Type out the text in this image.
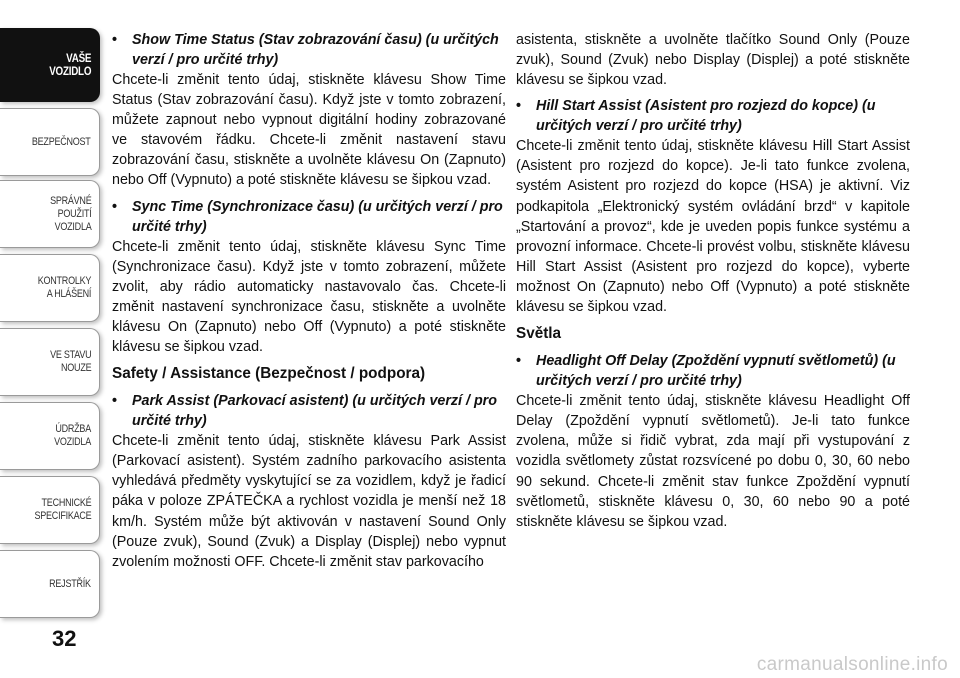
VAŠE
VOZIDLO
BEZPEČNOST
SPRÁVNÉ
POUŽITÍ
VOZIDLA
KONTROLKY
A HLÁŠENÍ
VE STAVU
NOUZE
ÚDRŽBA
VOZIDLA
TECHNICKÉ
SPECIFIKACE
REJSTŘÍK
32

• Show Time Status (Stav zobrazování času) (u určitých verzí / pro určité trhy)

Chcete-li změnit tento údaj, stiskněte klávesu Show Time Status (Stav zobrazování času). Když jste v tomto zobrazení, můžete zapnout nebo vypnout digitální hodiny zobrazované ve stavovém řádku. Chcete-li změnit nastavení stavu zobrazování času, stiskněte a uvolněte klávesu On (Zapnuto) nebo Off (Vypnuto) a poté stiskněte klávesu se šipkou vzad.

• Sync Time (Synchronizace času) (u určitých verzí / pro určité trhy)

Chcete-li změnit tento údaj, stiskněte klávesu Sync Time (Synchronizace času). Když jste v tomto zobrazení, můžete zvolit, aby rádio automaticky nastavovalo čas. Chcete-li změnit nastavení synchronizace času, stiskněte a uvolněte klávesu On (Zapnuto) nebo Off (Vypnuto) a poté stiskněte klávesu se šipkou vzad.

Safety / Assistance (Bezpečnost / podpora)

• Park Assist (Parkovací asistent) (u určitých verzí / pro určité trhy)

Chcete-li změnit tento údaj, stiskněte klávesu Park Assist (Parkovací asistent). Systém zadního parkovacího asistenta vyhledává předměty vyskytující se za vozidlem, když je řadicí páka v poloze ZPÁTEČKA a rychlost vozidla je menší než 18 km/h. Systém může být aktivován v nastavení Sound Only (Pouze zvuk), Sound (Zvuk) a Display (Displej) nebo vypnut zvolením možnosti OFF. Chcete-li změnit stav parkovacího

asistenta, stiskněte a uvolněte tlačítko Sound Only (Pouze zvuk), Sound (Zvuk) nebo Display (Displej) a poté stiskněte klávesu se šipkou vzad.

• Hill Start Assist (Asistent pro rozjezd do kopce) (u určitých verzí / pro určité trhy)

Chcete-li změnit tento údaj, stiskněte klávesu Hill Start Assist (Asistent pro rozjezd do kopce). Je-li tato funkce zvolena, systém Asistent pro rozjezd do kopce (HSA) je aktivní. Viz podkapitola „Elektronický systém ovládání brzd“ v kapitole „Startování a provoz“, kde je uveden popis funkce systému a provozní informace. Chcete-li provést volbu, stiskněte klávesu Hill Start Assist (Asistent pro rozjezd do kopce), vyberte možnost On (Zapnuto) nebo Off (Vypnuto) a poté stiskněte klávesu se šipkou vzad.

Světla

• Headlight Off Delay (Zpoždění vypnutí světlometů) (u určitých verzí / pro určité trhy)

Chcete-li změnit tento údaj, stiskněte klávesu Headlight Off Delay (Zpoždění vypnutí světlometů). Je-li tato funkce zvolena, může si řidič vybrat, zda mají při vystupování z vozidla světlomety zůstat rozsvícené po dobu 0, 30, 60 nebo 90 sekund. Chcete-li změnit stav funkce Zpoždění vypnutí světlometů, stiskněte klávesu 0, 30, 60 nebo 90 a poté stiskněte klávesu se šipkou vzad.

carmanualsonline.info
